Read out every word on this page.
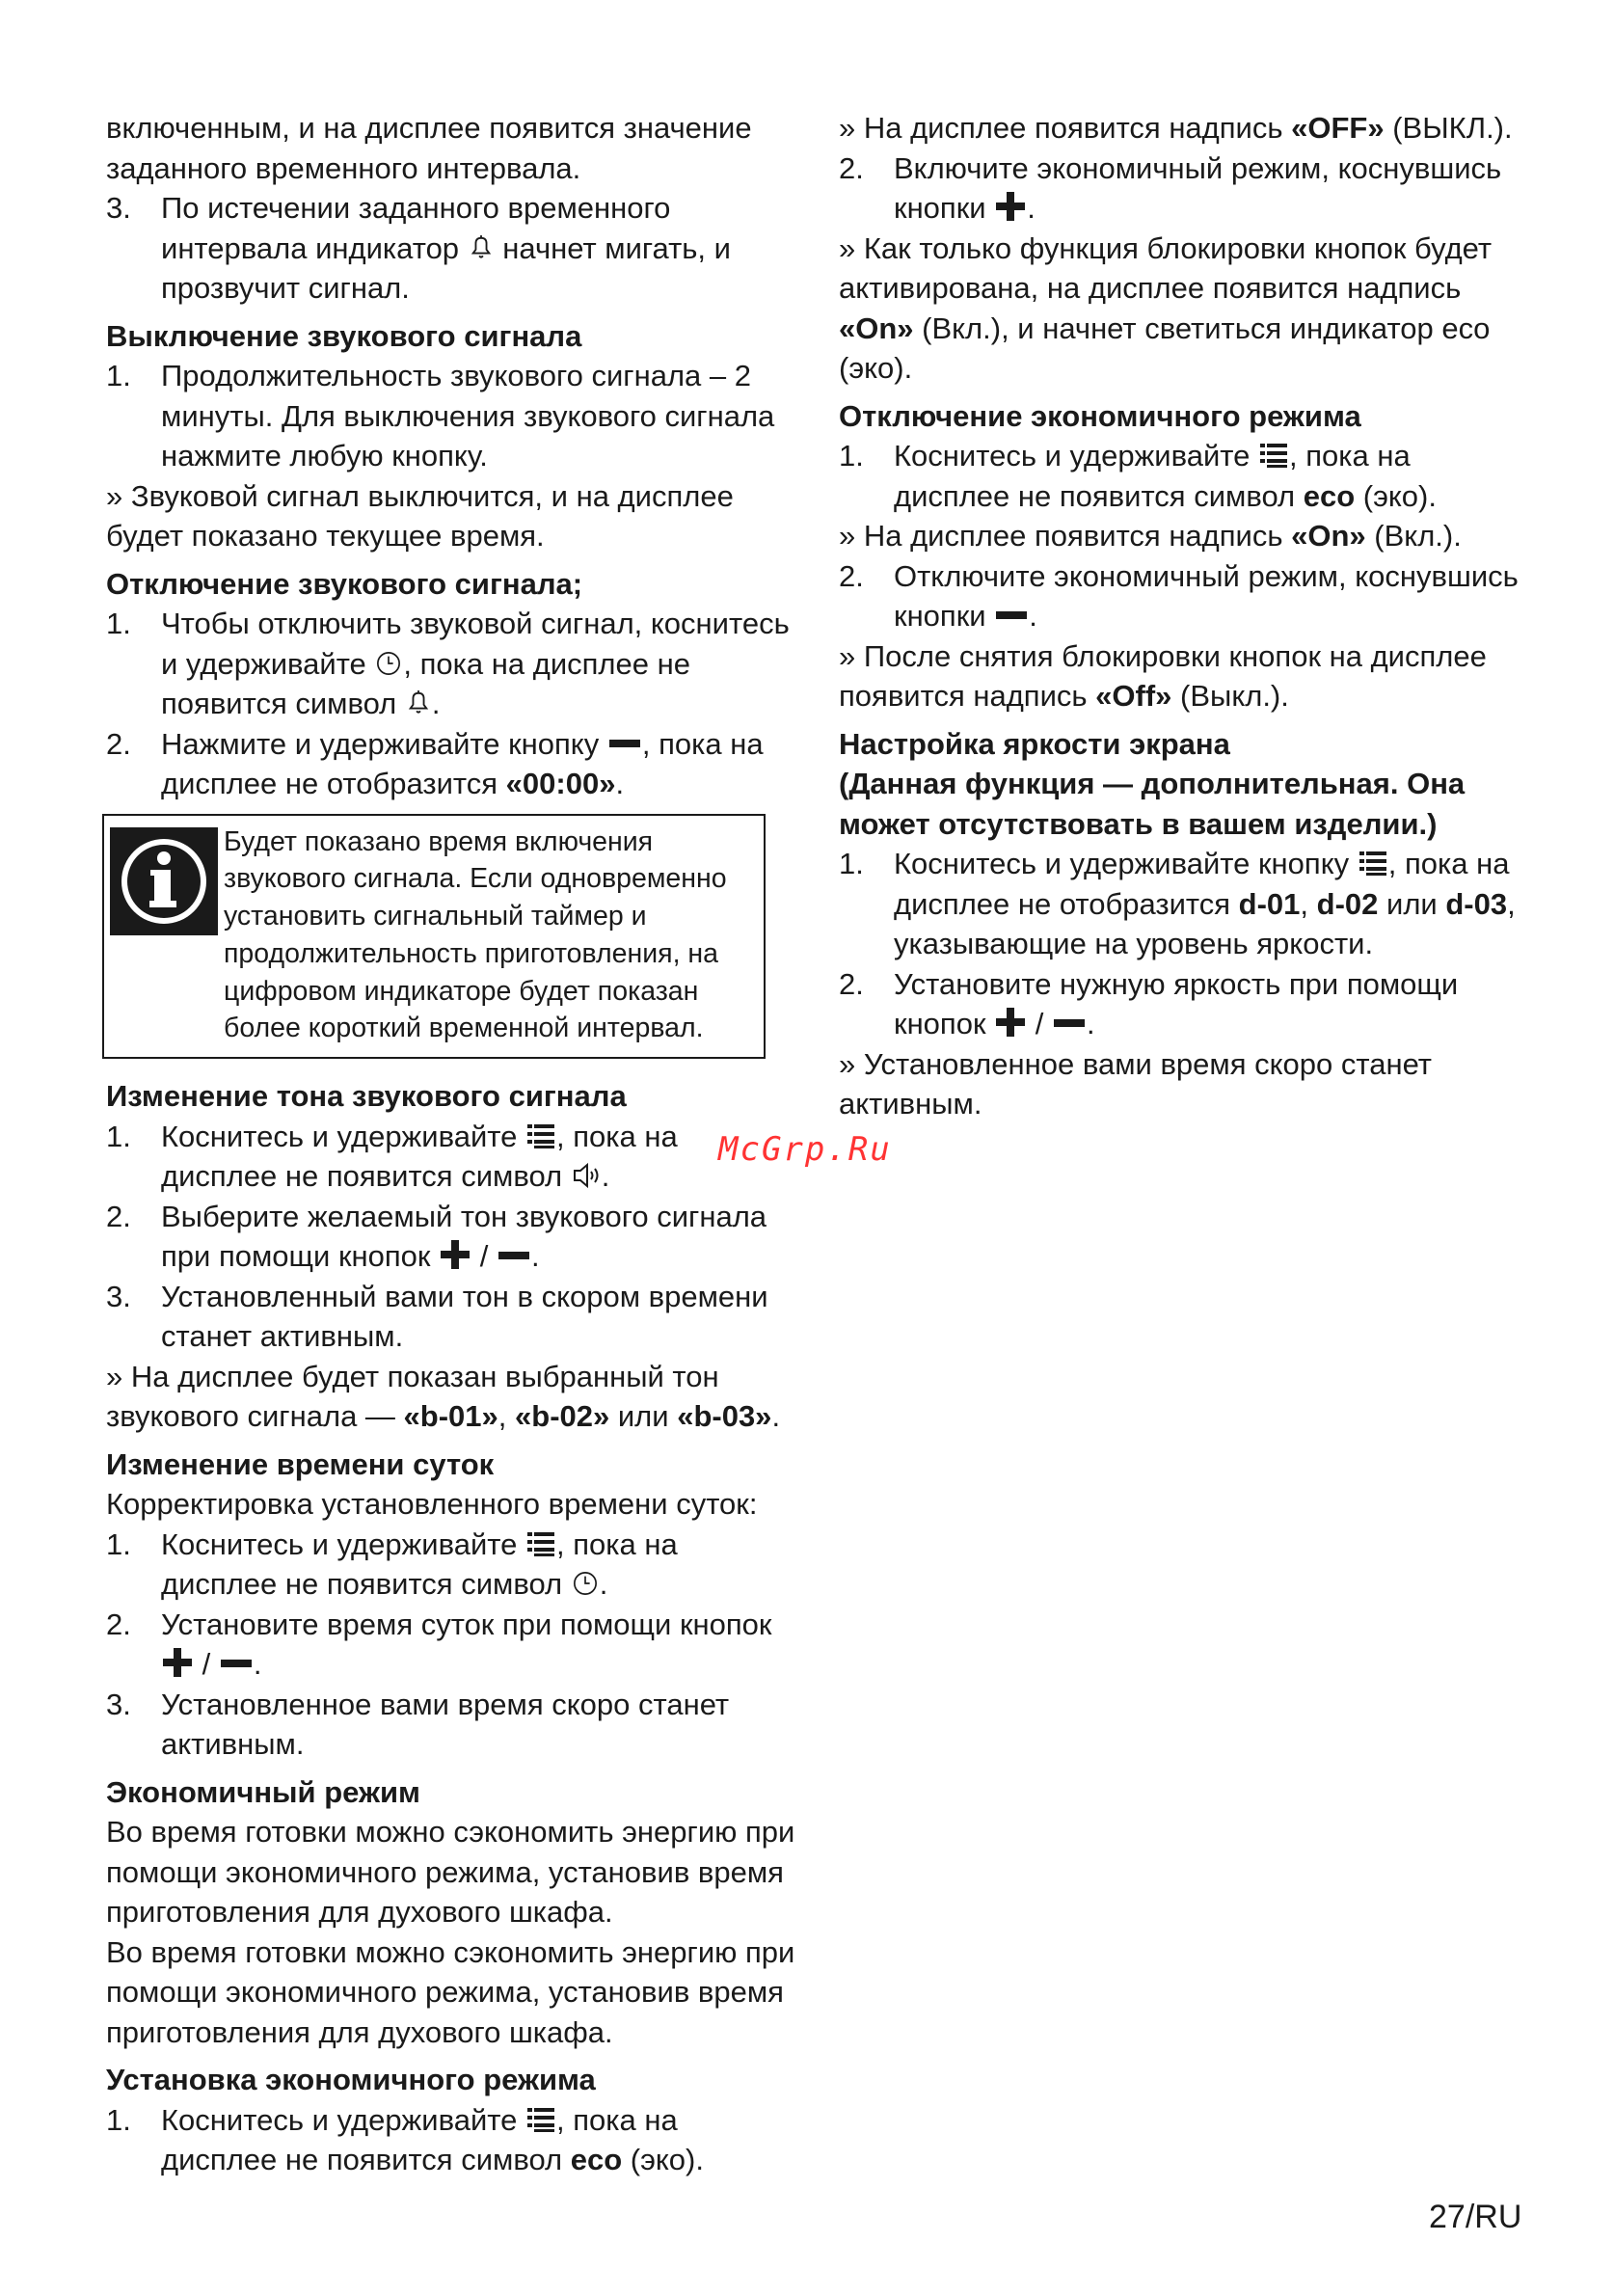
включенным, и на дисплее появится значение заданного временного интервала.

3.	По истечении заданного временного интервала индикатор  начнет мигать, и прозвучит сигнал.

Выключение звукового сигнала

1.	Продолжительность звукового сигнала – 2 минуты. Для выключения звукового сигнала нажмите любую кнопку.

» Звуковой сигнал выключится, и на дисплее будет показано текущее время.

Отключение звукового сигнала;

1.	Чтобы отключить звуковой сигнал, коснитесь и удерживайте , пока на дисплее не появится символ .
2.	Нажмите и удерживайте кнопку , пока на дисплее не отобразится «00:00».
Будет показано время включения звукового сигнала. Если одновременно установить сигнальный таймер и продолжительность приготовления, на цифровом индикаторе будет показан более короткий временной интервал.

Изменение тона звукового сигнала

1.	Коснитесь и удерживайте , пока на дисплее не появится символ .
2.	Выберите желаемый тон звукового сигнала при помощи кнопок  / .
3.	Установленный вами тон в скором времени станет активным.

» На дисплее будет показан выбранный тон звукового сигнала — «b-01», «b-02» или «b-03».

Изменение времени суток

Корректировка установленного времени суток:

1.	Коснитесь и удерживайте , пока на дисплее не появится символ .
2.	Установите время суток при помощи кнопок
/ .
3.	Установленное вами время скоро станет активным.

Экономичный режим

Во время готовки можно сэкономить энергию при помощи экономичного режима, установив время приготовления для духового шкафа.

Во время готовки можно сэкономить энергию при помощи экономичного режима, установив время приготовления для духового шкафа.

Установка экономичного режима

1.	Коснитесь и удерживайте , пока на дисплее не появится символ eco (эко).

» На дисплее появится надпись «OFF» (ВЫКЛ.).

2.	Включите экономичный режим, коснувшись кнопки .

» Как только функция блокировки кнопок будет активирована, на дисплее появится надпись «On» (Вкл.), и начнет светиться индикатор eco (эко).

Отключение экономичного режима

1.	Коснитесь и удерживайте , пока на дисплее не появится символ eco (эко).

» На дисплее появится надпись «On» (Вкл.).

2.	Отключите экономичный режим, коснувшись кнопки .

» После снятия блокировки кнопок на дисплее появится надпись «Off» (Выкл.).

Настройка яркости экрана

(Данная функция — дополнительная. Она может отсутствовать в вашем изделии.)

1.	Коснитесь и удерживайте кнопку , пока на дисплее не отобразится d-01, d-02 или d-03, указывающие на уровень яркости.
2.	Установите нужную яркость при помощи кнопок  / .

» Установленное вами время скоро станет активным.

McGrp.Ru
27/RU
